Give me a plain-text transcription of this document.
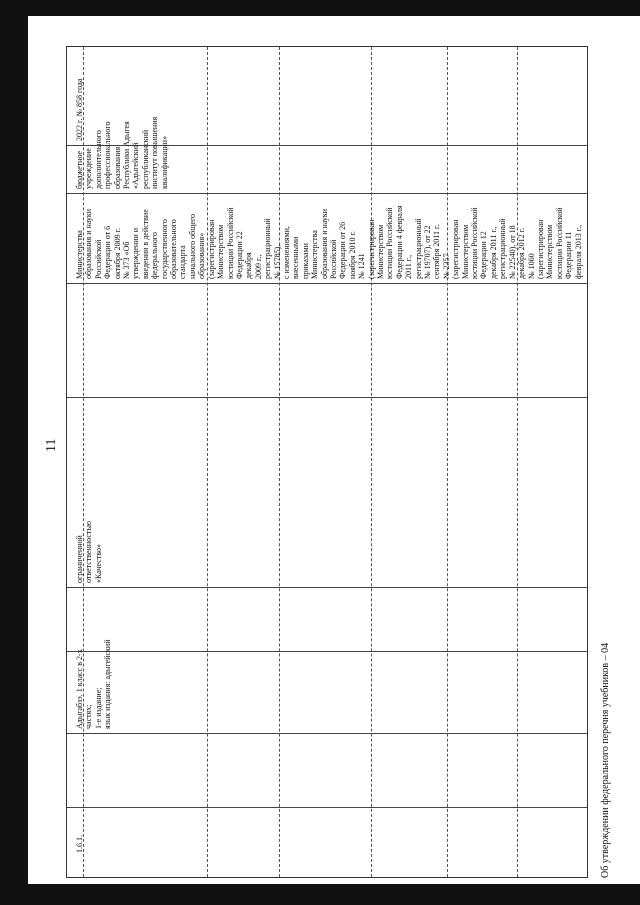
11
1.6.1.
Адыгабзэ. 1 класс в 2-х
частях;
1-е издание;
язык издания: адыгейский
ограниченной
ответственностью
«Качество»
Министерства
образования и науки
Российской
Федерации от 6
октября 2009 г.
№ 373 «Об
утверждении и
введении в действие
федерального
государственного
образовательного
стандарта
начального общего
образования»
(зарегистрирован
Министерством
юстиции Российской
Федерации 22
декабря
2009 г.,
регистрационный
№ 15785),
с изменениями,
внесенными
приказами
Министерства
образования и науки
Российской
Федерации от 26
ноября 2010 г.
№ 1241
(зарегистрирован
Министерством
юстиции Российской
Федерации 4 февраля
2011 г.,
регистрационный
№ 19707), от 22
сентября 2011 г.
№ 2357
(зарегистрирован
Министерством
юстиции Российской
Федерации 12
декабря 2011 г.,
регистрационный
№ 22540), от 18
декабря 2012 г.
№ 1060
(зарегистрирован
Министерством
юстиции Российской
Федерации 11
февраля 2013 г.,
бюджетное
учреждение
дополнительного
профессионального
образования
Республики Адыгея
«Адыгейский
республиканский
институт повышения
квалификации»
2022 г. № 858
года
Об утверждении федерального перечня учебников – 04
